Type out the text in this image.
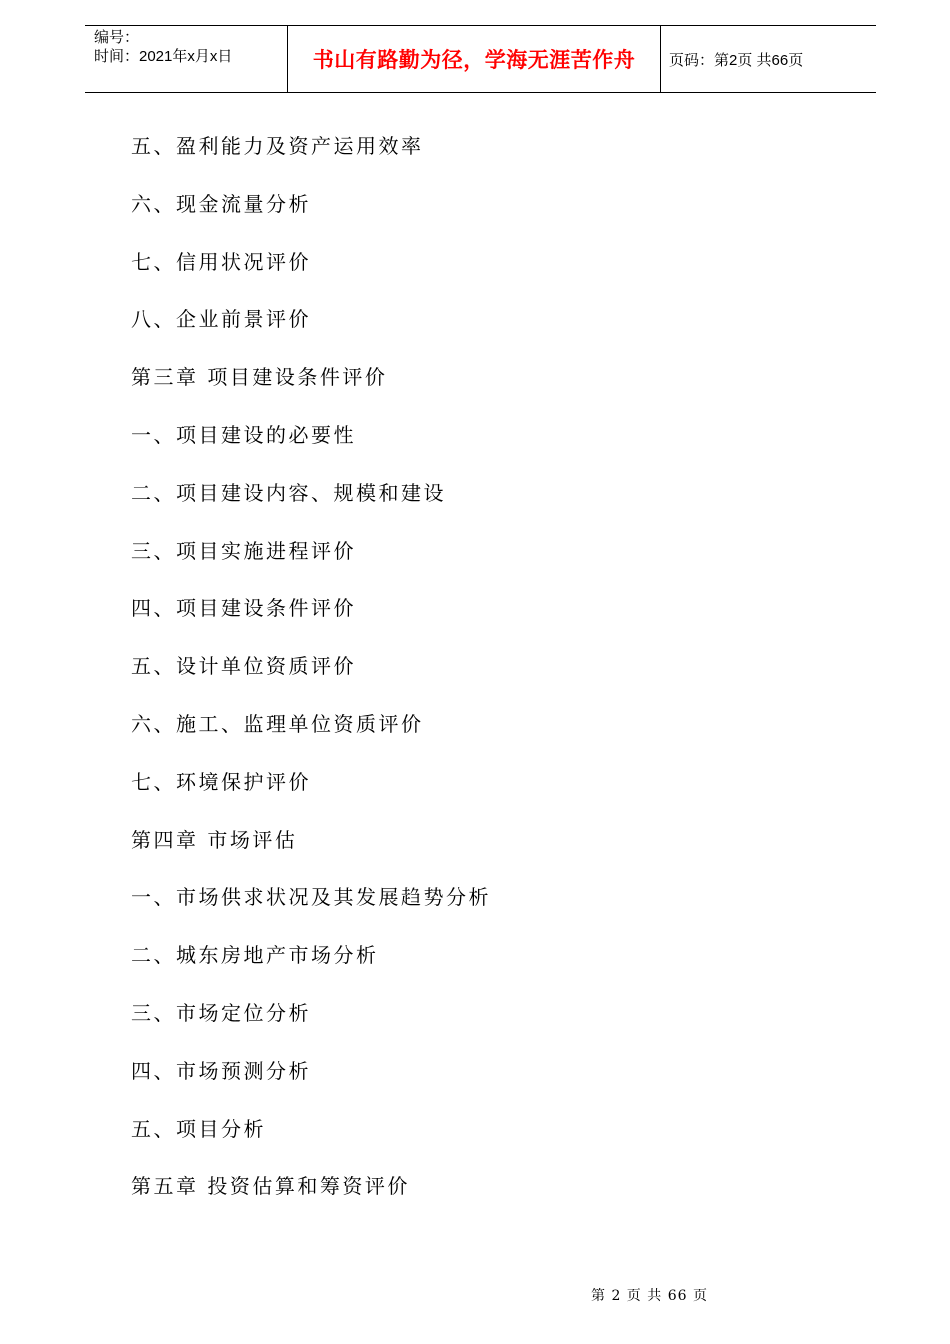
编号：
时间：2021年x月x日	书山有路勤为径，学海无涯苦作舟	页码：第2页 共66页
五、盈利能力及资产运用效率
六、现金流量分析
七、信用状况评价
八、企业前景评价
第三章 项目建设条件评价
一、项目建设的必要性
二、项目建设内容、规模和建设
三、项目实施进程评价
四、项目建设条件评价
五、设计单位资质评价
六、施工、监理单位资质评价
七、环境保护评价
第四章 市场评估
一、市场供求状况及其发展趋势分析
二、城东房地产市场分析
三、市场定位分析
四、市场预测分析
五、项目分析
第五章 投资估算和筹资评价
第 2 页 共 66 页
